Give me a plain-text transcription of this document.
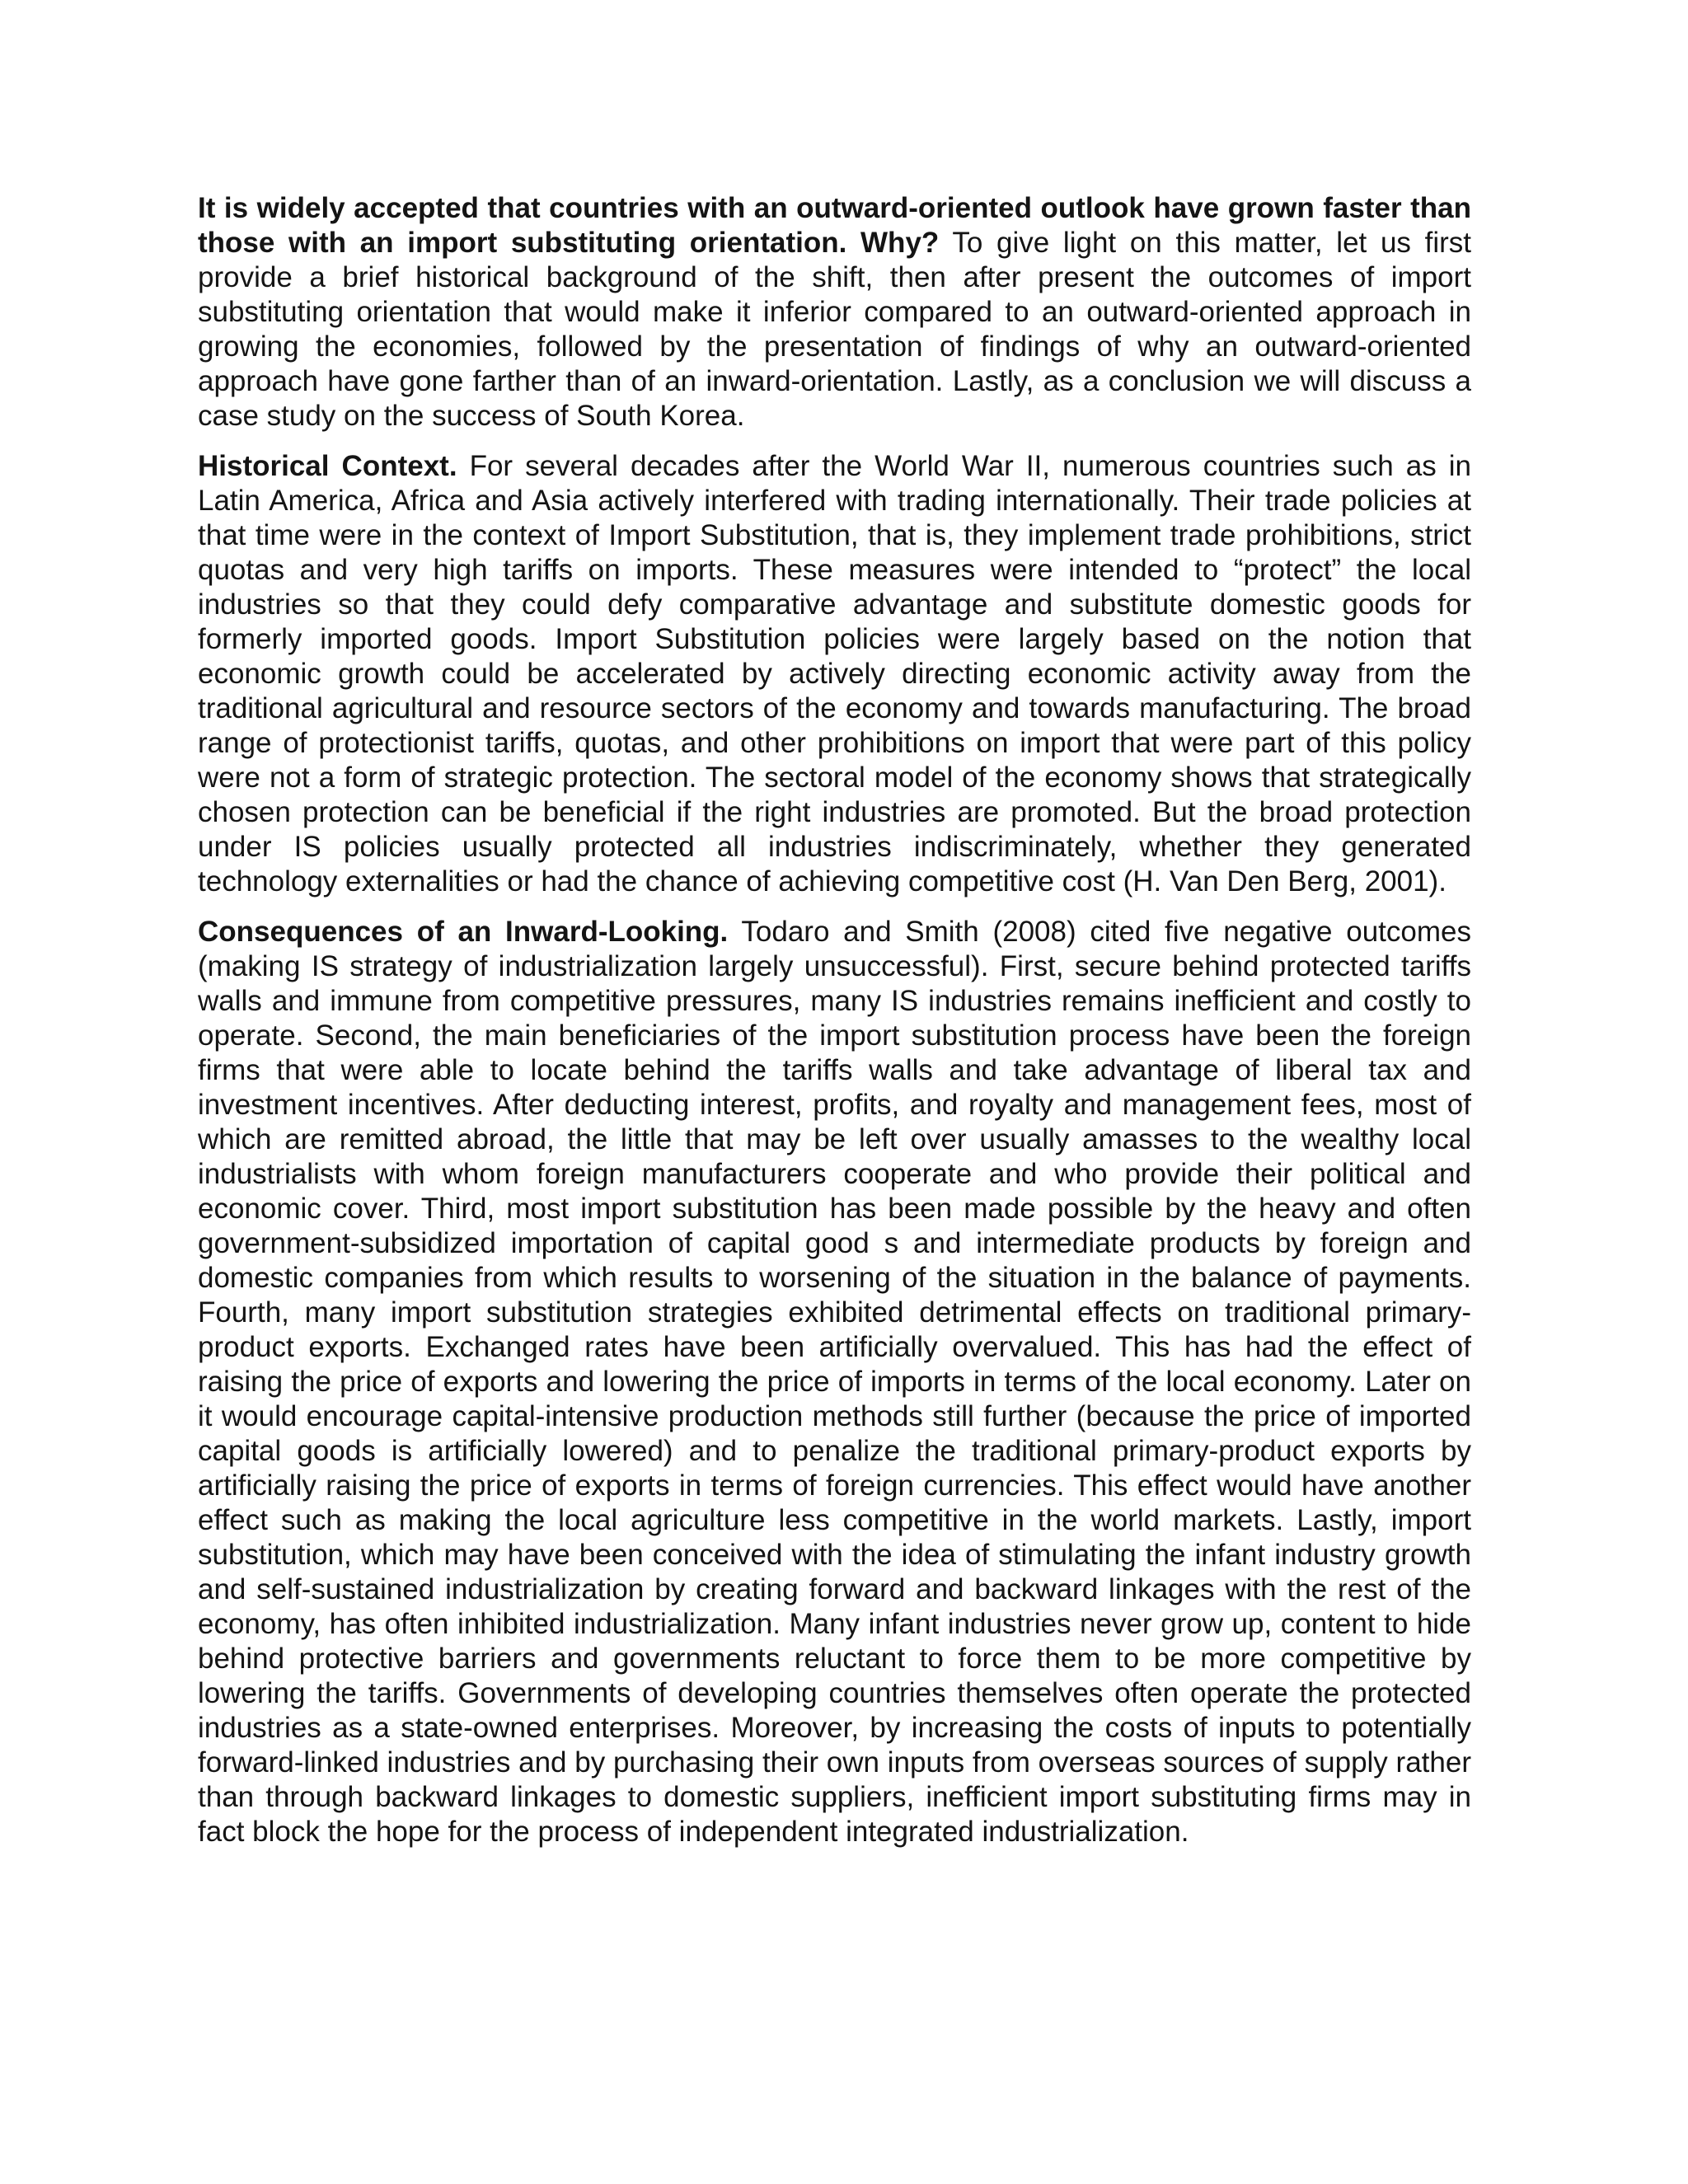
It is widely accepted that countries with an outward-oriented outlook have grown faster than those with an import substituting orientation. Why? To give light on this matter, let us first provide a brief historical background of the shift, then after present the outcomes of import substituting orientation that would make it inferior compared to an outward-oriented approach in growing the economies, followed by the presentation of findings of why an outward-oriented approach have gone farther than of an inward-orientation. Lastly, as a conclusion we will discuss a case study on the success of South Korea.

Historical Context. For several decades after the World War II, numerous countries such as in Latin America, Africa and Asia actively interfered with trading internationally. Their trade policies at that time were in the context of Import Substitution, that is, they implement trade prohibitions, strict quotas and very high tariffs on imports. These measures were intended to “protect” the local industries so that they could defy comparative advantage and substitute domestic goods for formerly imported goods. Import Substitution policies were largely based on the notion that economic growth could be accelerated by actively directing economic activity away from the traditional agricultural and resource sectors of the economy and towards manufacturing. The broad range of protectionist tariffs, quotas, and other prohibitions on import that were part of this policy were not a form of strategic protection. The sectoral model of the economy shows that strategically chosen protection can be beneficial if the right industries are promoted. But the broad protection under IS policies usually protected all industries indiscriminately, whether they generated technology externalities or had the chance of achieving competitive cost (H. Van Den Berg, 2001).

Consequences of an Inward-Looking. Todaro and Smith (2008) cited five negative outcomes (making IS strategy of industrialization largely unsuccessful). First, secure behind protected tariffs walls and immune from competitive pressures, many IS industries remains inefficient and costly to operate. Second, the main beneficiaries of the import substitution process have been the foreign firms that were able to locate behind the tariffs walls and take advantage of liberal tax and investment incentives. After deducting interest, profits, and royalty and management fees, most of which are remitted abroad, the little that may be left over usually amasses to the wealthy local industrialists with whom foreign manufacturers cooperate and who provide their political and economic cover. Third, most import substitution has been made possible by the heavy and often government-subsidized importation of capital good s and intermediate products by foreign and domestic companies from which results to worsening of the situation in the balance of payments. Fourth, many import substitution strategies exhibited detrimental effects on traditional primary-product exports. Exchanged rates have been artificially overvalued. This has had the effect of raising the price of exports and lowering the price of imports in terms of the local economy. Later on it would encourage capital-intensive production methods still further (because the price of imported capital goods is artificially lowered) and to penalize the traditional primary-product exports by artificially raising the price of exports in terms of foreign currencies. This effect would have another effect such as making the local agriculture less competitive in the world markets. Lastly, import substitution, which may have been conceived with the idea of stimulating the infant industry growth and self-sustained industrialization by creating forward and backward linkages with the rest of the economy, has often inhibited industrialization. Many infant industries never grow up, content to hide behind protective barriers and governments reluctant to force them to be more competitive by lowering the tariffs. Governments of developing countries themselves often operate the protected industries as a state-owned enterprises. Moreover, by increasing the costs of inputs to potentially forward-linked industries and by purchasing their own inputs from overseas sources of supply rather than through backward linkages to domestic suppliers, inefficient import substituting firms may in fact block the hope for the process of independent integrated industrialization.
